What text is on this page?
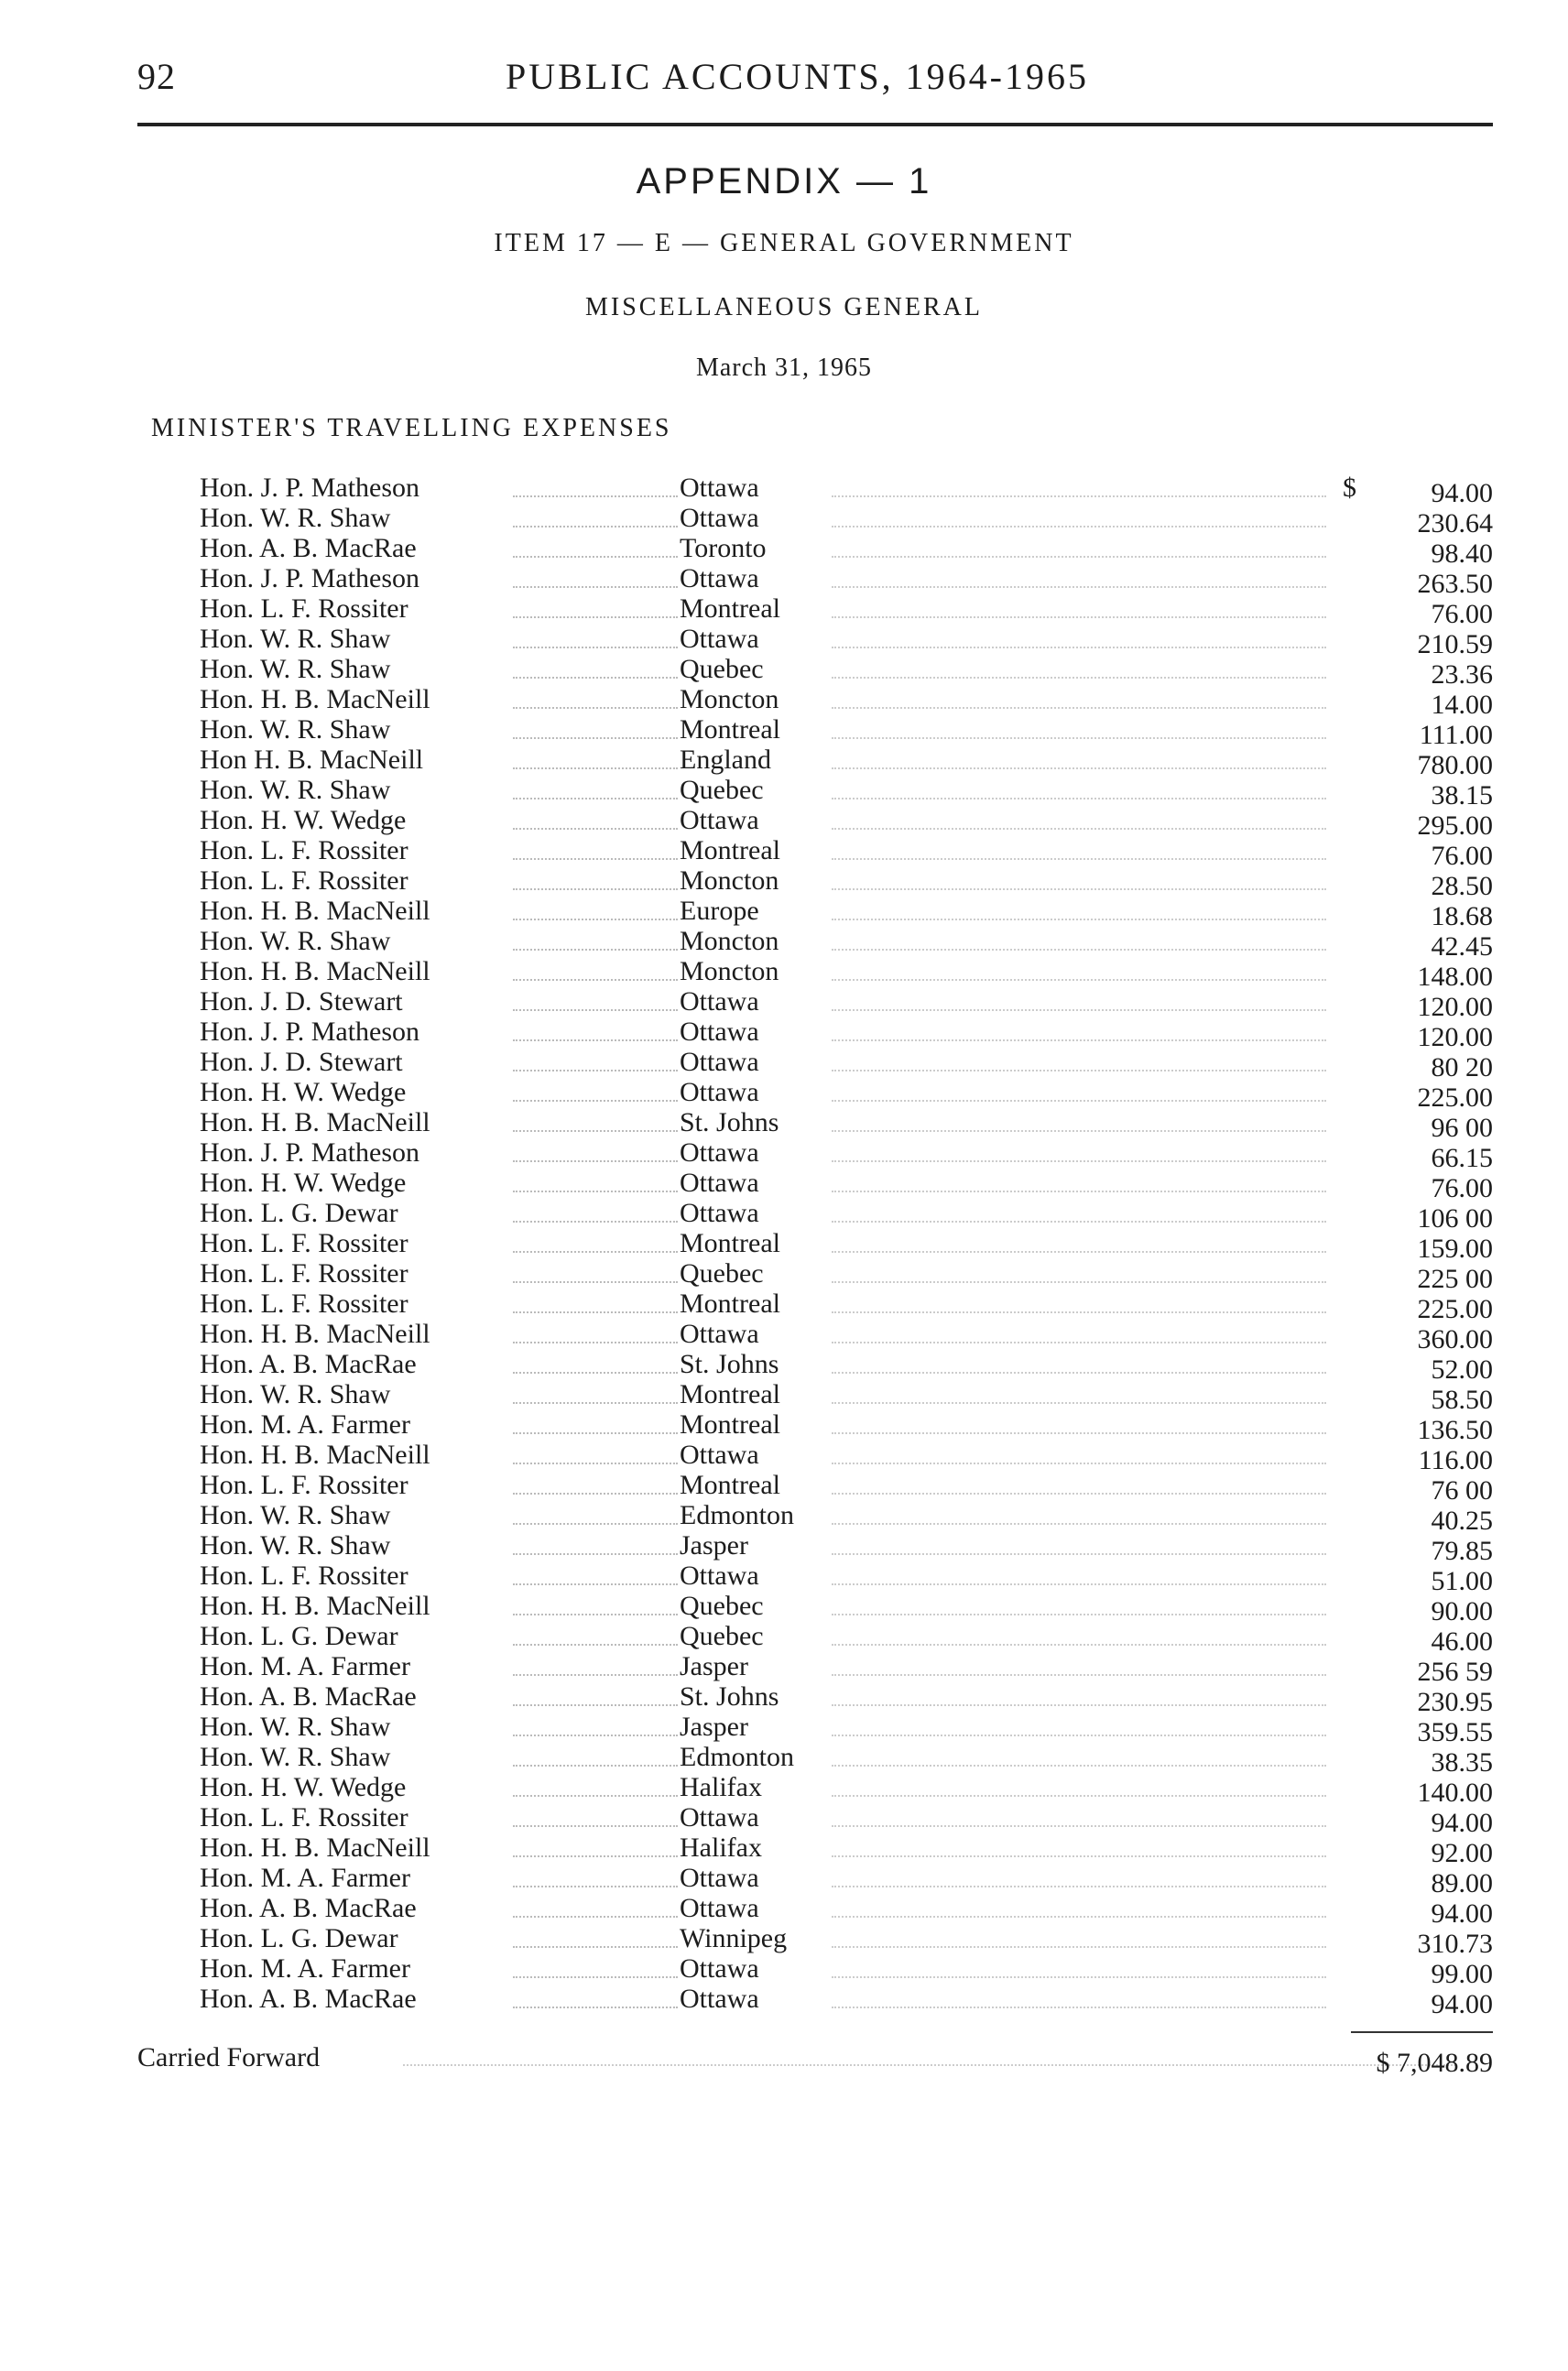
92	PUBLIC ACCOUNTS, 1964-1965
APPENDIX — 1
ITEM 17 — E — GENERAL GOVERNMENT
MISCELLANEOUS GENERAL
March 31, 1965
MINISTER'S TRAVELLING EXPENSES
$
Hon. J. P. Matheson	Ottawa	94.00
Hon. W. R. Shaw	Ottawa	230.64
Hon. A. B. MacRae	Toronto	98.40
Hon. J. P. Matheson	Ottawa	263.50
Hon. L. F. Rossiter	Montreal	76.00
Hon. W. R. Shaw	Ottawa	210.59
Hon. W. R. Shaw	Quebec	23.36
Hon. H. B. MacNeill	Moncton	14.00
Hon. W. R. Shaw	Montreal	111.00
Hon H. B. MacNeill	England	780.00
Hon. W. R. Shaw	Quebec	38.15
Hon. H. W. Wedge	Ottawa	295.00
Hon. L. F. Rossiter	Montreal	76.00
Hon. L. F. Rossiter	Moncton	28.50
Hon. H. B. MacNeill	Europe	18.68
Hon. W. R. Shaw	Moncton	42.45
Hon. H. B. MacNeill	Moncton	148.00
Hon. J. D. Stewart	Ottawa	120.00
Hon. J. P. Matheson	Ottawa	120.00
Hon. J. D. Stewart	Ottawa	80 20
Hon. H. W. Wedge	Ottawa	225.00
Hon. H. B. MacNeill	St. Johns	96 00
Hon. J. P. Matheson	Ottawa	66.15
Hon. H. W. Wedge	Ottawa	76.00
Hon. L. G. Dewar	Ottawa	106 00
Hon. L. F. Rossiter	Montreal	159.00
Hon. L. F. Rossiter	Quebec	225 00
Hon. L. F. Rossiter	Montreal	225.00
Hon. H. B. MacNeill	Ottawa	360.00
Hon. A. B. MacRae	St. Johns	52.00
Hon. W. R. Shaw	Montreal	58.50
Hon. M. A. Farmer	Montreal	136.50
Hon. H. B. MacNeill	Ottawa	116.00
Hon. L. F. Rossiter	Montreal	76 00
Hon. W. R. Shaw	Edmonton	40.25
Hon. W. R. Shaw	Jasper	79.85
Hon. L. F. Rossiter	Ottawa	51.00
Hon. H. B. MacNeill	Quebec	90.00
Hon. L. G. Dewar	Quebec	46.00
Hon. M. A. Farmer	Jasper	256 59
Hon. A. B. MacRae	St. Johns	230.95
Hon. W. R. Shaw	Jasper	359.55
Hon. W. R. Shaw	Edmonton	38.35
Hon. H. W. Wedge	Halifax	140.00
Hon. L. F. Rossiter	Ottawa	94.00
Hon. H. B. MacNeill	Halifax	92.00
Hon. M. A. Farmer	Ottawa	89.00
Hon. A. B. MacRae	Ottawa	94.00
Hon. L. G. Dewar	Winnipeg	310.73
Hon. M. A. Farmer	Ottawa	99.00
Hon. A. B. MacRae	Ottawa	94.00
Carried Forward	$ 7,048.89
